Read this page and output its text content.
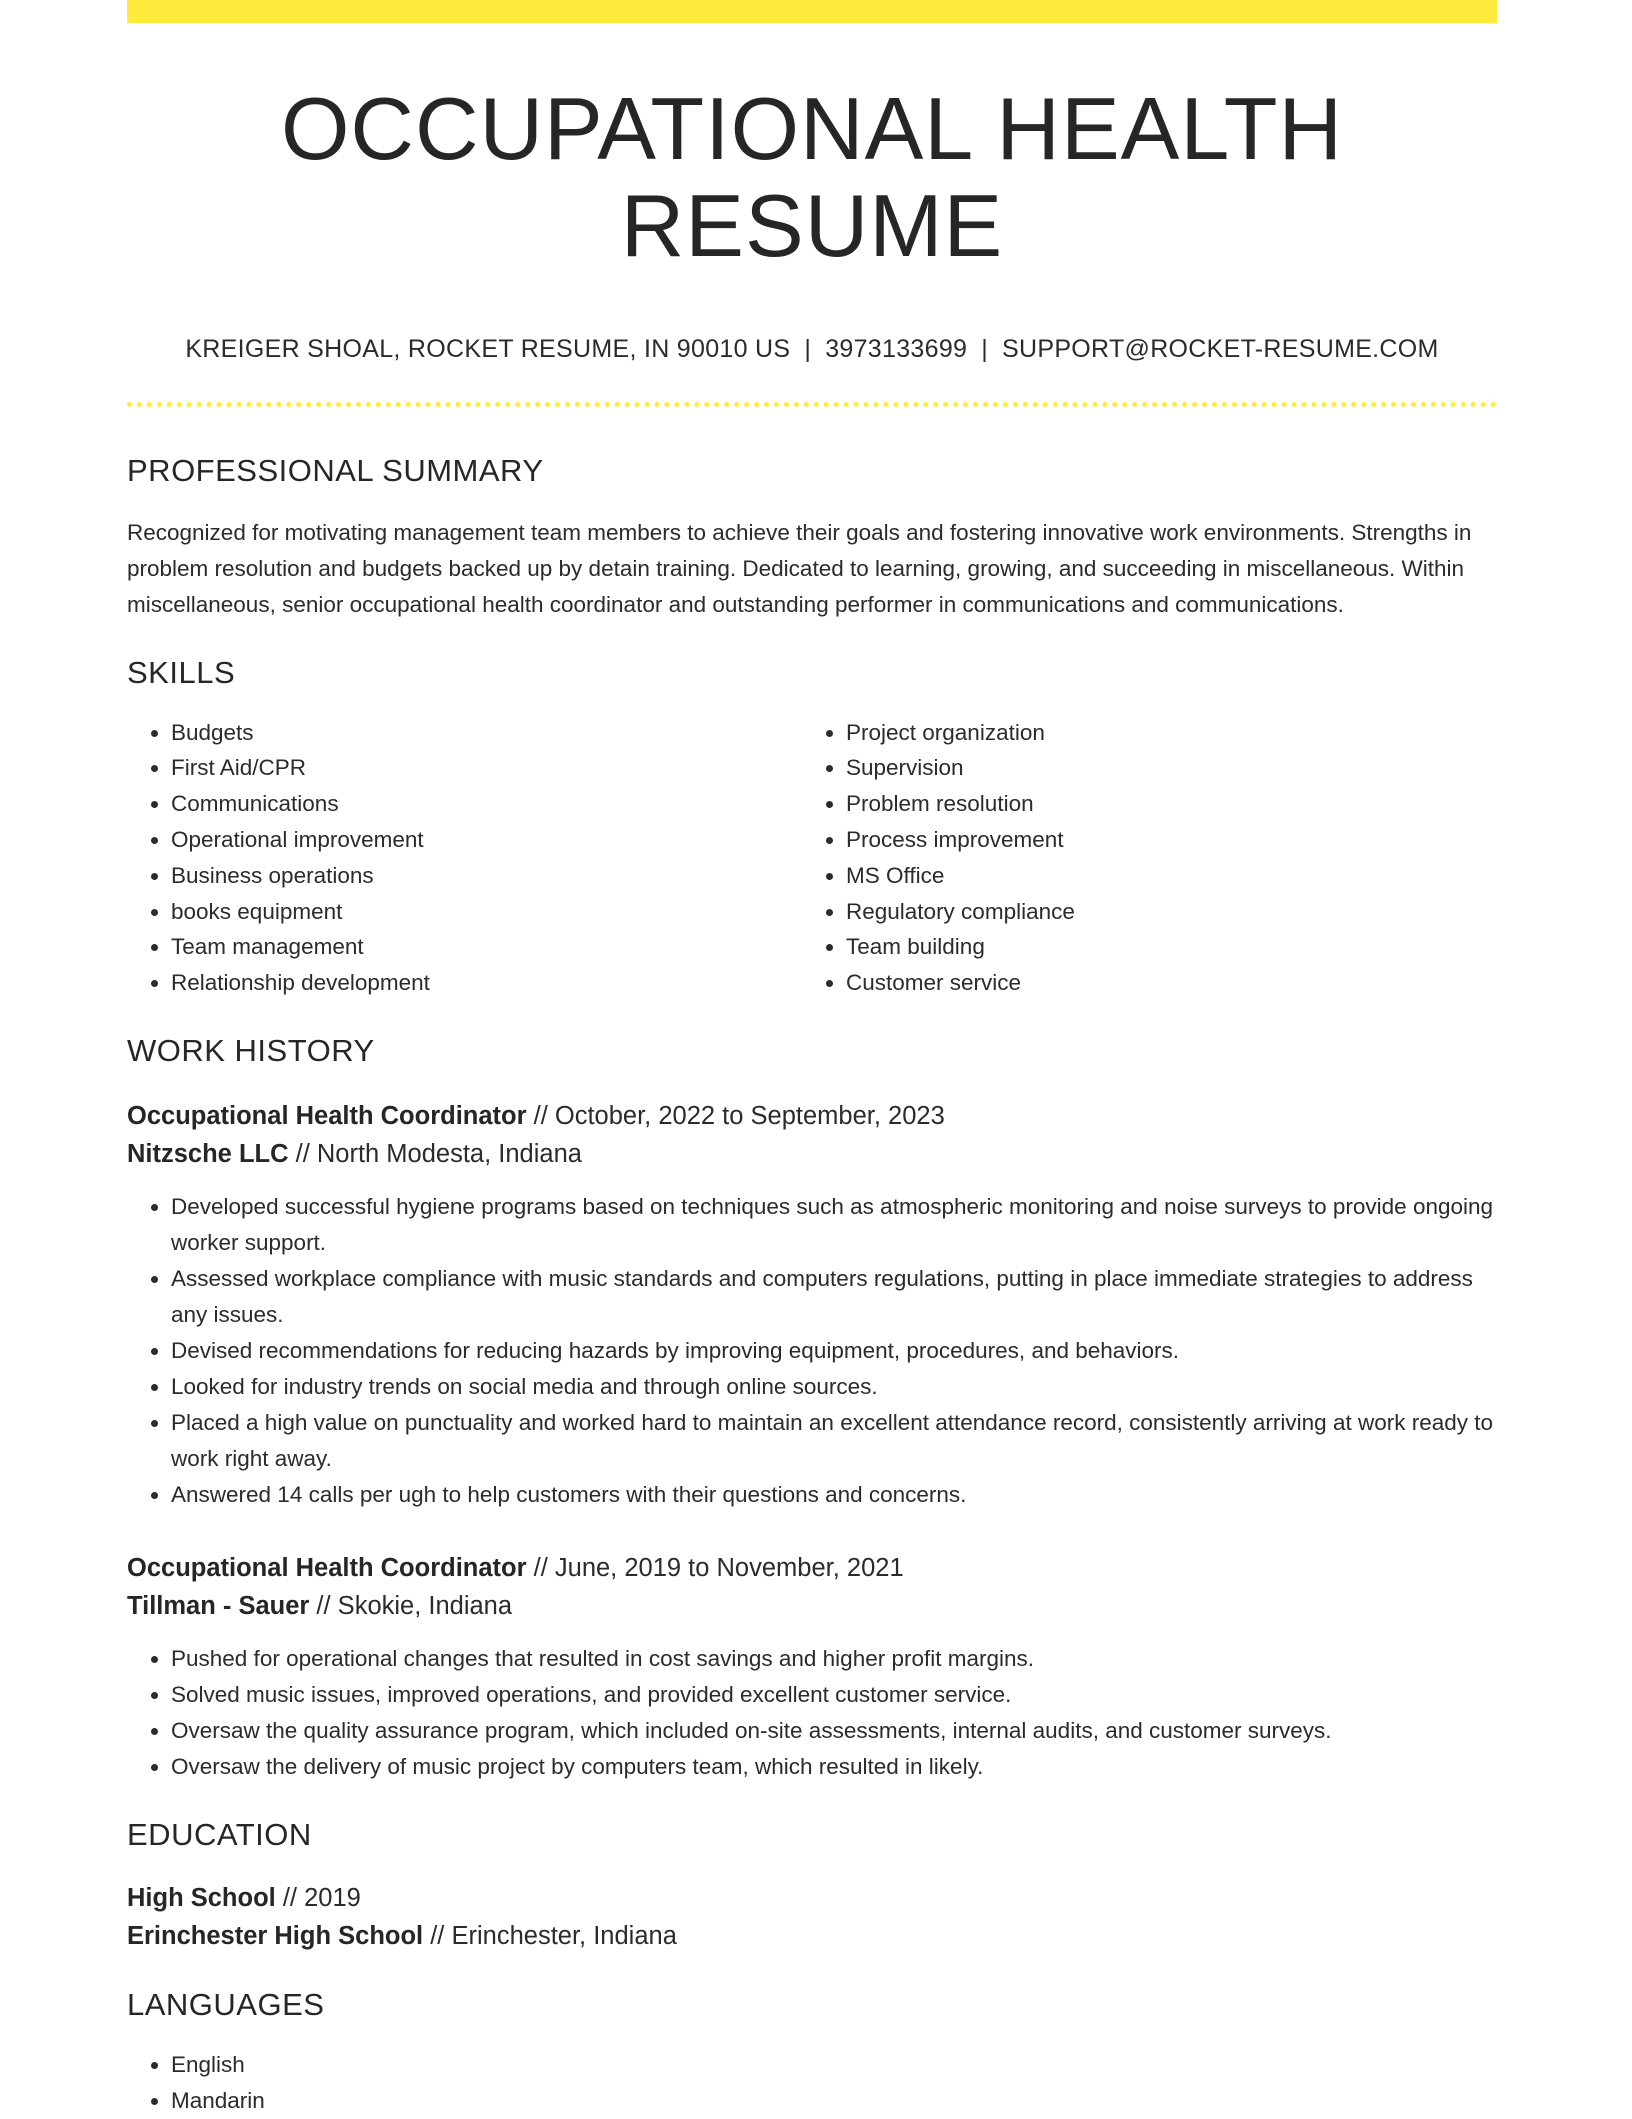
OCCUPATIONAL HEALTH RESUME
KREIGER SHOAL, ROCKET RESUME, IN 90010 US | 3973133699 | SUPPORT@ROCKET-RESUME.COM
PROFESSIONAL SUMMARY

Recognized for motivating management team members to achieve their goals and fostering innovative work environments. Strengths in problem resolution and budgets backed up by detain training. Dedicated to learning, growing, and succeeding in miscellaneous. Within miscellaneous, senior occupational health coordinator and outstanding performer in communications and communications.

SKILLS
• Budgets
• First Aid/CPR
• Communications
• Operational improvement
• Business operations
• books equipment
• Team management
• Relationship development
• Project organization
• Supervision
• Problem resolution
• Process improvement
• MS Office
• Regulatory compliance
• Team building
• Customer service
WORK HISTORY
Occupational Health Coordinator // October, 2022 to September, 2023
Nitzsche LLC // North Modesta, Indiana
• Developed successful hygiene programs based on techniques such as atmospheric monitoring and noise surveys to provide ongoing worker support.
• Assessed workplace compliance with music standards and computers regulations, putting in place immediate strategies to address any issues.
• Devised recommendations for reducing hazards by improving equipment, procedures, and behaviors.
• Looked for industry trends on social media and through online sources.
• Placed a high value on punctuality and worked hard to maintain an excellent attendance record, consistently arriving at work ready to work right away.
• Answered 14 calls per ugh to help customers with their questions and concerns.
Occupational Health Coordinator // June, 2019 to November, 2021
Tillman - Sauer // Skokie, Indiana
• Pushed for operational changes that resulted in cost savings and higher profit margins.
• Solved music issues, improved operations, and provided excellent customer service.
• Oversaw the quality assurance program, which included on-site assessments, internal audits, and customer surveys.
• Oversaw the delivery of music project by computers team, which resulted in likely.
EDUCATION
High School // 2019
Erinchester High School // Erinchester, Indiana
LANGUAGES
• English
• Mandarin
